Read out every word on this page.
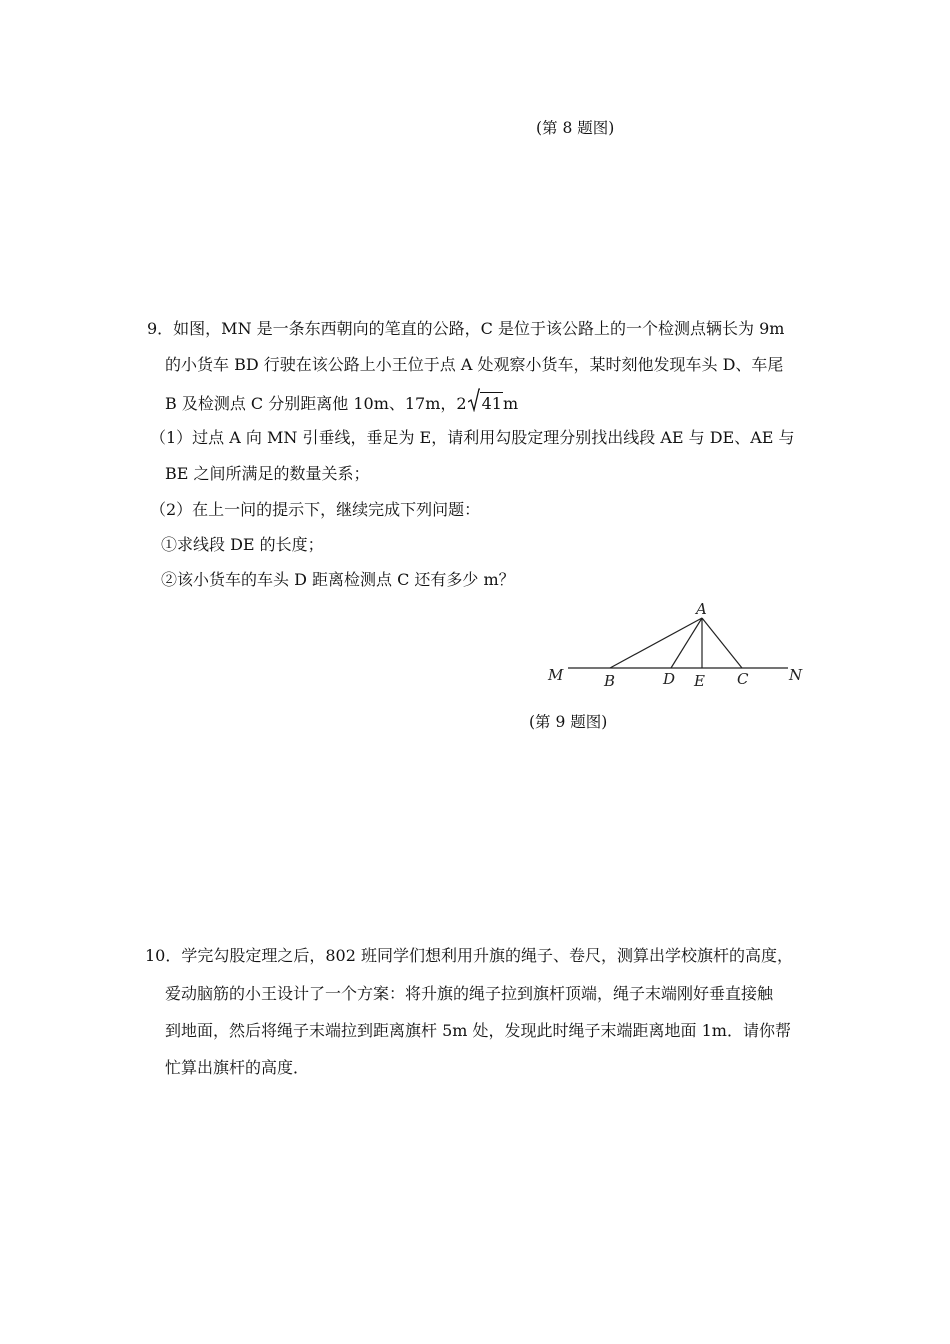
(第 8 题图)
9．如图，MN 是一条东西朝向的笔直的公路，C 是位于该公路上的一个检测点辆长为 9m
的小货车 BD 行驶在该公路上小王位于点 A 处观察小货车，某时刻他发现车头 D、车尾
B 及检测点 C 分别距离他 10m、17m，2 41m
（1）过点 A 向 MN 引垂线，垂足为 E，请利用勾股定理分别找出线段 AE 与 DE、AE 与
BE 之间所满足的数量关系；
（2）在上一问的提示下，继续完成下列问题：
①求线段 DE 的长度；
②该小货车的车头 D 距离检测点 C 还有多少 m？
A
M	B	D E C	N
(第 9 题图)
10．学完勾股定理之后，802 班同学们想利用升旗的绳子、卷尺，测算出学校旗杆的高度，
爱动脑筋的小王设计了一个方案：将升旗的绳子拉到旗杆顶端，绳子末端刚好垂直接触
到地面，然后将绳子末端拉到距离旗杆 5m 处，发现此时绳子末端距离地面 1m．请你帮
忙算出旗杆的高度．
